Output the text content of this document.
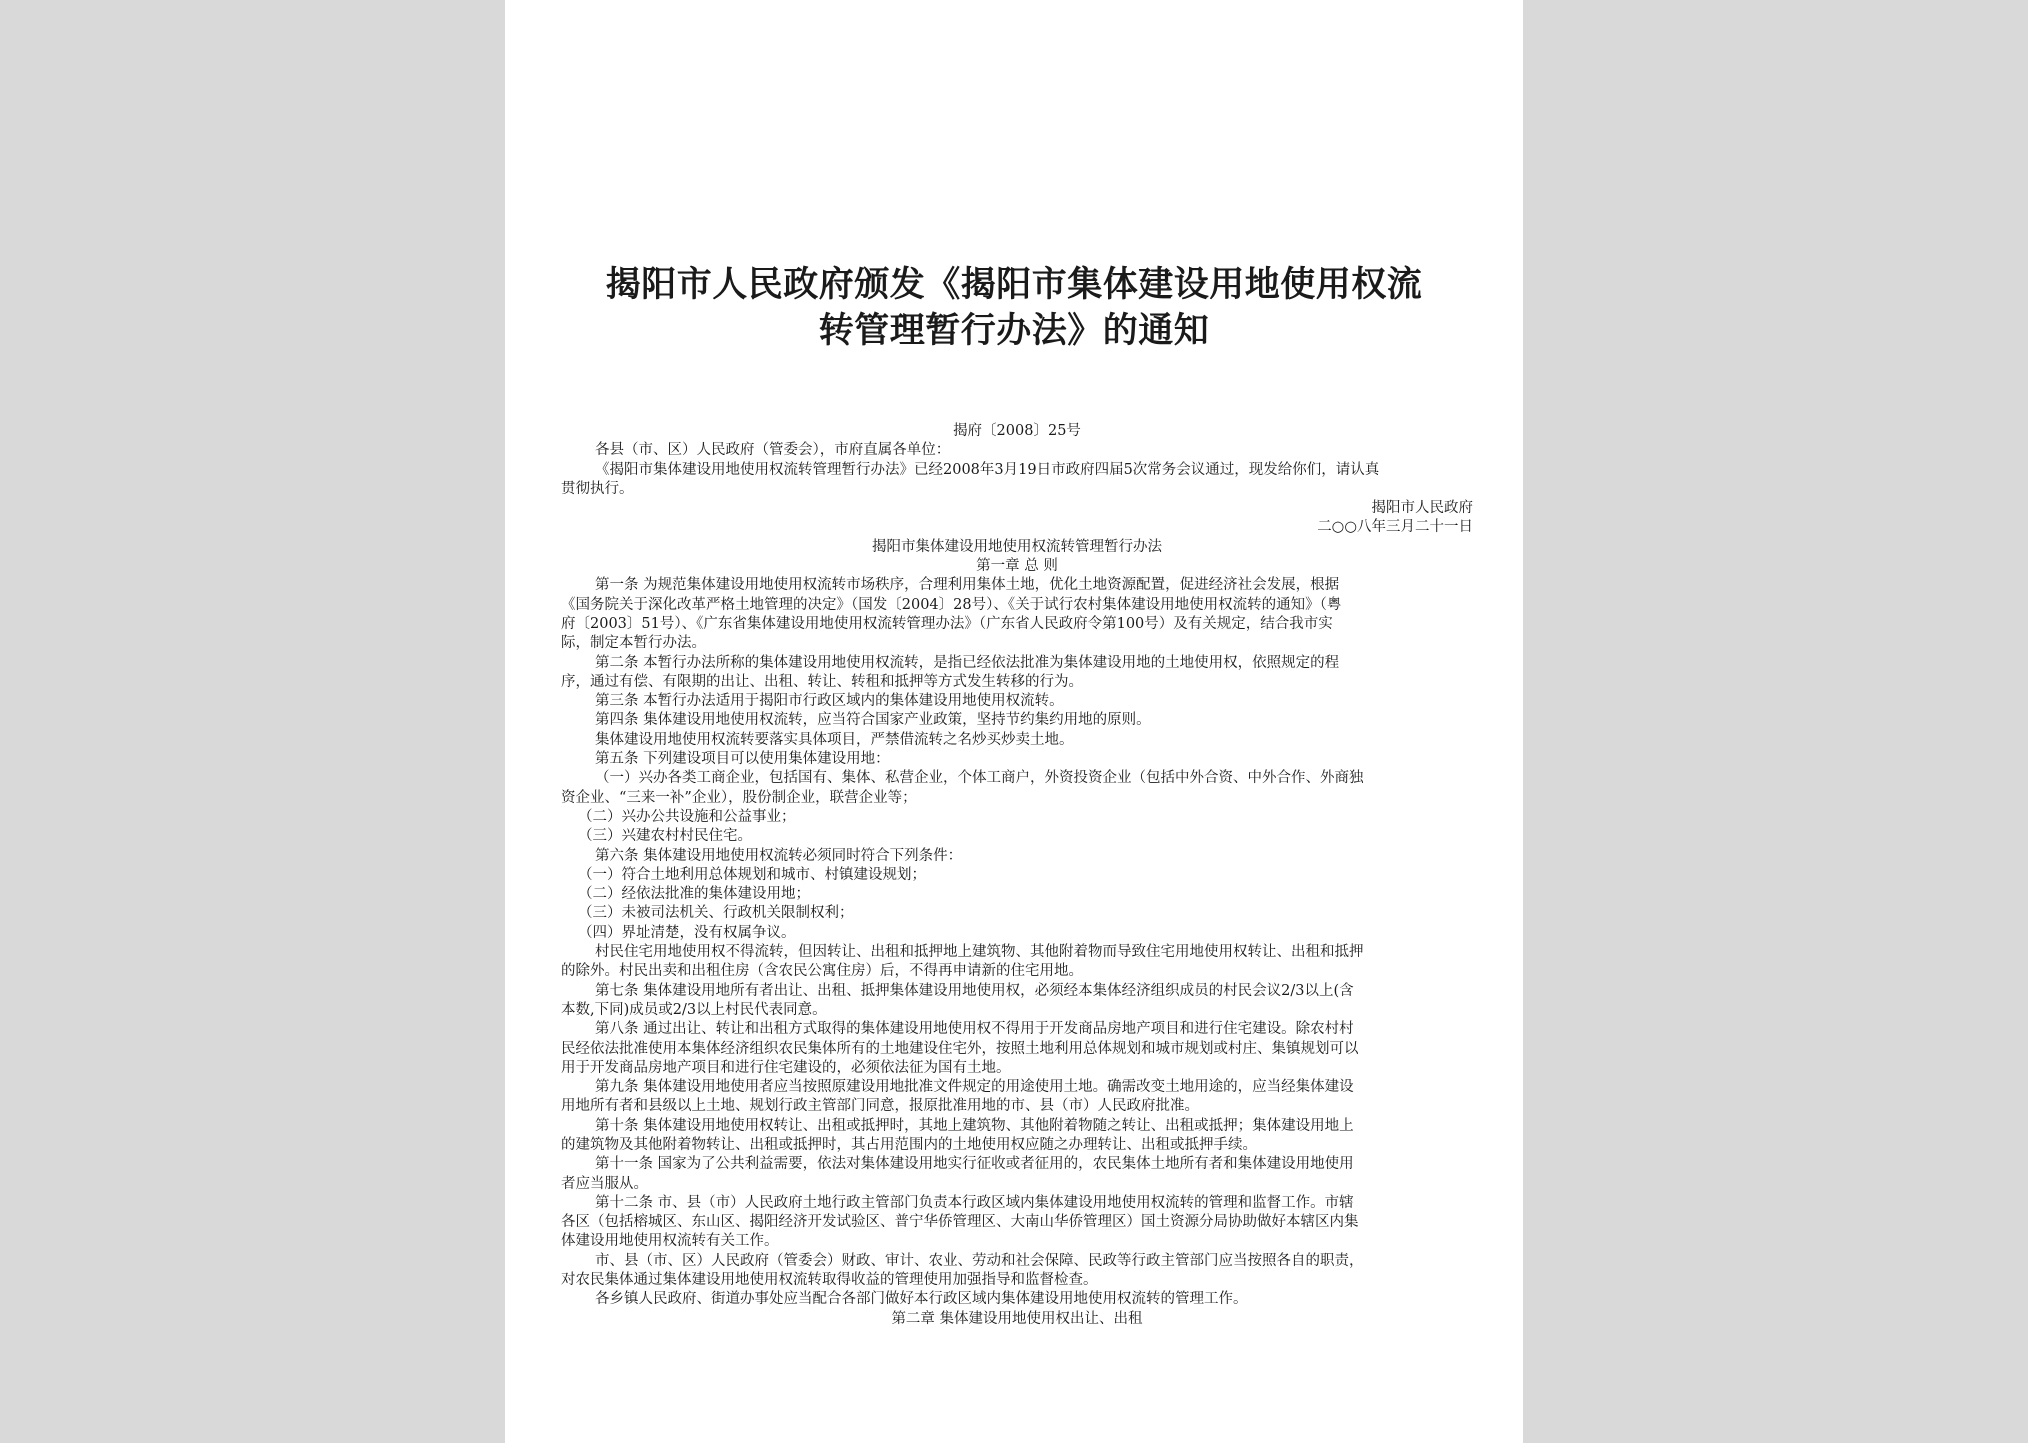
揭阳市人民政府颁发《揭阳市集体建设用地使用权流
转管理暂行办法》的通知
揭府〔2008〕25号
各县（市、区）人民政府（管委会），市府直属各单位：
《揭阳市集体建设用地使用权流转管理暂行办法》已经2008年3月19日市政府四届5次常务会议通过，现发给你们，请认真
贯彻执行。
揭阳市人民政府
二○○八年三月二十一日
揭阳市集体建设用地使用权流转管理暂行办法
第一章 总 则
第一条 为规范集体建设用地使用权流转市场秩序，合理利用集体土地，优化土地资源配置，促进经济社会发展，根据
《国务院关于深化改革严格土地管理的决定》（国发〔2004〕28号）、《关于试行农村集体建设用地使用权流转的通知》（粤
府〔2003〕51号）、《广东省集体建设用地使用权流转管理办法》（广东省人民政府令第100号）及有关规定，结合我市实
际，制定本暂行办法。
第二条 本暂行办法所称的集体建设用地使用权流转，是指已经依法批准为集体建设用地的土地使用权，依照规定的程
序，通过有偿、有限期的出让、出租、转让、转租和抵押等方式发生转移的行为。
第三条 本暂行办法适用于揭阳市行政区域内的集体建设用地使用权流转。
第四条 集体建设用地使用权流转，应当符合国家产业政策，坚持节约集约用地的原则。
集体建设用地使用权流转要落实具体项目，严禁借流转之名炒买炒卖土地。
第五条 下列建设项目可以使用集体建设用地：
（一）兴办各类工商企业，包括国有、集体、私营企业，个体工商户，外资投资企业（包括中外合资、中外合作、外商独
资企业、“三来一补”企业），股份制企业，联营企业等；
（二）兴办公共设施和公益事业；
（三）兴建农村村民住宅。
第六条 集体建设用地使用权流转必须同时符合下列条件：
（一）符合土地利用总体规划和城市、村镇建设规划；
（二）经依法批准的集体建设用地；
（三）未被司法机关、行政机关限制权利；
（四）界址清楚，没有权属争议。
村民住宅用地使用权不得流转，但因转让、出租和抵押地上建筑物、其他附着物而导致住宅用地使用权转让、出租和抵押
的除外。村民出卖和出租住房（含农民公寓住房）后，不得再申请新的住宅用地。
第七条 集体建设用地所有者出让、出租、抵押集体建设用地使用权，必须经本集体经济组织成员的村民会议2/3以上(含
本数,下同)成员或2/3以上村民代表同意。
第八条 通过出让、转让和出租方式取得的集体建设用地使用权不得用于开发商品房地产项目和进行住宅建设。除农村村
民经依法批准使用本集体经济组织农民集体所有的土地建设住宅外，按照土地利用总体规划和城市规划或村庄、集镇规划可以
用于开发商品房地产项目和进行住宅建设的，必须依法征为国有土地。
第九条 集体建设用地使用者应当按照原建设用地批准文件规定的用途使用土地。确需改变土地用途的，应当经集体建设
用地所有者和县级以上土地、规划行政主管部门同意，报原批准用地的市、县（市）人民政府批准。
第十条 集体建设用地使用权转让、出租或抵押时，其地上建筑物、其他附着物随之转让、出租或抵押；集体建设用地上
的建筑物及其他附着物转让、出租或抵押时，其占用范围内的土地使用权应随之办理转让、出租或抵押手续。
第十一条 国家为了公共利益需要，依法对集体建设用地实行征收或者征用的，农民集体土地所有者和集体建设用地使用
者应当服从。
第十二条 市、县（市）人民政府土地行政主管部门负责本行政区域内集体建设用地使用权流转的管理和监督工作。市辖
各区（包括榕城区、东山区、揭阳经济开发试验区、普宁华侨管理区、大南山华侨管理区）国土资源分局协助做好本辖区内集
体建设用地使用权流转有关工作。
市、县（市、区）人民政府（管委会）财政、审计、农业、劳动和社会保障、民政等行政主管部门应当按照各自的职责，
对农民集体通过集体建设用地使用权流转取得收益的管理使用加强指导和监督检查。
各乡镇人民政府、街道办事处应当配合各部门做好本行政区域内集体建设用地使用权流转的管理工作。
第二章 集体建设用地使用权出让、出租
